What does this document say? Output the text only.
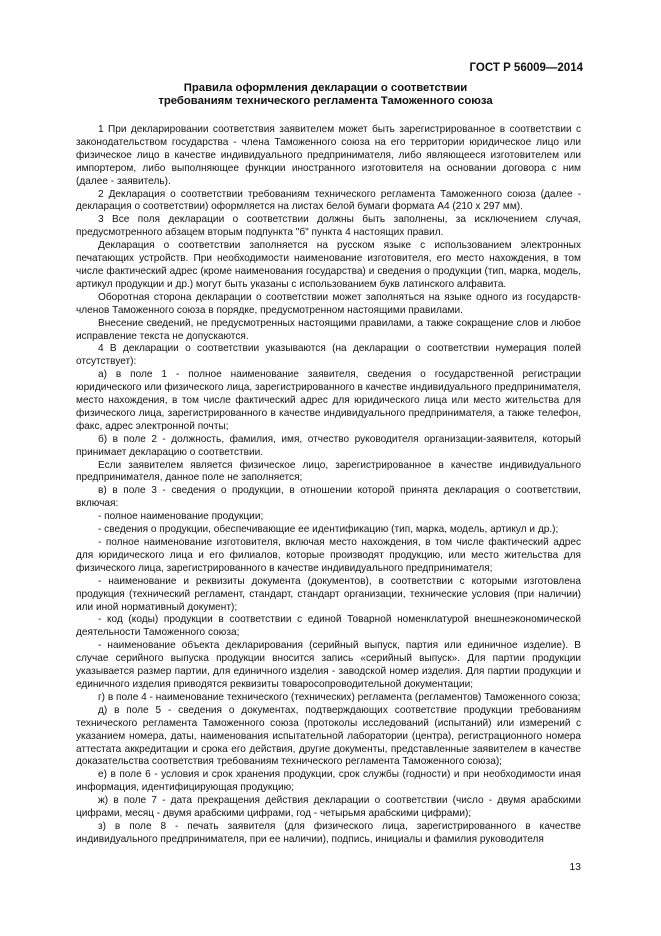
ГОСТ Р 56009—2014
Правила оформления декларации о соответствии
требованиям технического регламента Таможенного союза

1 При декларировании соответствия заявителем может быть зарегистрированное в соответствии с законодательством государства - члена Таможенного союза на его территории юридическое лицо или физическое лицо в качестве индивидуального предпринимателя, либо являющееся изготовителем или импортером, либо выполняющее функции иностранного изготовителя на основании договора с ним (далее - заявитель).

2 Декларация о соответствии требованиям технического регламента Таможенного союза (далее - декларация о соответствии) оформляется на листах белой бумаги формата А4 (210 x 297 мм).

3 Все поля декларации о соответствии должны быть заполнены, за исключением случая, предусмотренного абзацем вторым подпункта "б" пункта 4 настоящих правил.

Декларация о соответствии заполняется на русском языке с использованием электронных печатающих устройств. При необходимости наименование изготовителя, его место нахождения, в том числе фактический адрес (кроме наименования государства) и сведения о продукции (тип, марка, модель, артикул продукции и др.) могут быть указаны с использованием букв латинского алфавита.

Оборотная сторона декларации о соответствии может заполняться на языке одного из государств-членов Таможенного союза в порядке, предусмотренном настоящими правилами.

Внесение сведений, не предусмотренных настоящими правилами, а также сокращение слов и любое исправление текста не допускаются.

4 В декларации о соответствии указываются (на декларации о соответствии нумерация полей отсутствует):

а) в поле 1 - полное наименование заявителя, сведения о государственной регистрации юридического или физического лица, зарегистрированного в качестве индивидуального предпринимателя, место нахождения, в том числе фактический адрес для юридического лица или место жительства для физического лица, зарегистрированного в качестве индивидуального предпринимателя, а также телефон, факс, адрес электронной почты;

б) в поле 2 - должность, фамилия, имя, отчество руководителя организации-заявителя, который принимает декларацию о соответствии.

Если заявителем является физическое лицо, зарегистрированное в качестве индивидуального предпринимателя, данное поле не заполняется;

в) в поле 3 - сведения о продукции, в отношении которой принята декларация о соответствии, включая:

- полное наименование продукции;

- сведения о продукции, обеспечивающие ее идентификацию (тип, марка, модель, артикул и др.);

- полное наименование изготовителя, включая место нахождения, в том числе фактический адрес для юридического лица и его филиалов, которые производят продукцию, или место жительства для физического лица, зарегистрированного в качестве индивидуального предпринимателя;

- наименование и реквизиты документа (документов), в соответствии с которыми изготовлена продукция (технический регламент, стандарт, стандарт организации, технические условия (при наличии) или иной нормативный документ);

- код (коды) продукции в соответствии с единой Товарной номенклатурой внешнеэкономической деятельности Таможенного союза;

- наименование объекта декларирования (серийный выпуск, партия или единичное изделие). В случае серийного выпуска продукции вносится запись «серийный выпуск». Для партии продукции указывается размер партии, для единичного изделия - заводской номер изделия. Для партии продукции и единичного изделия приводятся реквизиты товаросопроводительной документации;

г) в поле 4 - наименование технического (технических) регламента (регламентов) Таможенного союза;

д) в поле 5 - сведения о документах, подтверждающих соответствие продукции требованиям технического регламента Таможенного союза (протоколы исследований (испытаний) или измерений с указанием номера, даты, наименования испытательной лаборатории (центра), регистрационного номера аттестата аккредитации и срока его действия, другие документы, представленные заявителем в качестве доказательства соответствия требованиям технического регламента Таможенного союза);

е) в поле 6 - условия и срок хранения продукции, срок службы (годности) и при необходимости иная информация, идентифицирующая продукцию;

ж) в поле 7 - дата прекращения действия декларации о соответствии (число - двумя арабскими цифрами, месяц - двумя арабскими цифрами, год - четырьмя арабскими цифрами);

з) в поле 8 - печать заявителя (для физического лица, зарегистрированного в качестве индивидуального предпринимателя, при ее наличии), подпись, инициалы и фамилия руководителя

13
